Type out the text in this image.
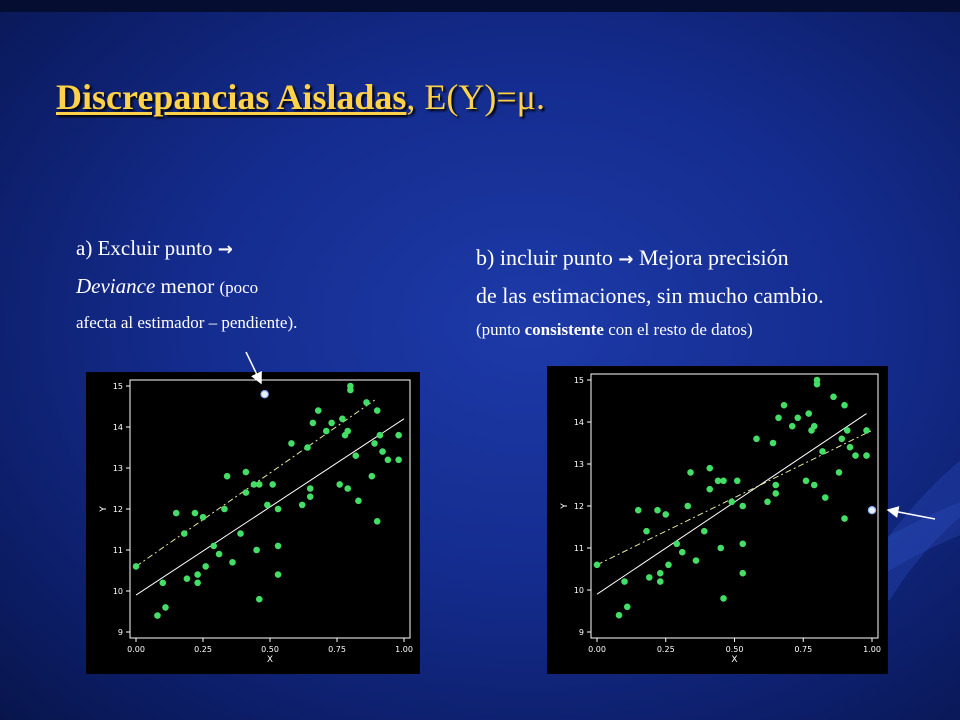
Discrepancias Aisladas, E(Y)=μ.
a) Excluir punto →
Deviance menor (poco
afecta al estimador – pendiente).
b) incluir punto → Mejora precisión
de las estimaciones, sin mucho cambio.
(punto consistente con el resto de datos)
0.00	0.25	0.50	0.75	1.00
9
10
11
12
13
14
15
X
Y
0.00	0.25	0.50	0.75	1.00
9
10
11
12
13
14
15
X
Y
